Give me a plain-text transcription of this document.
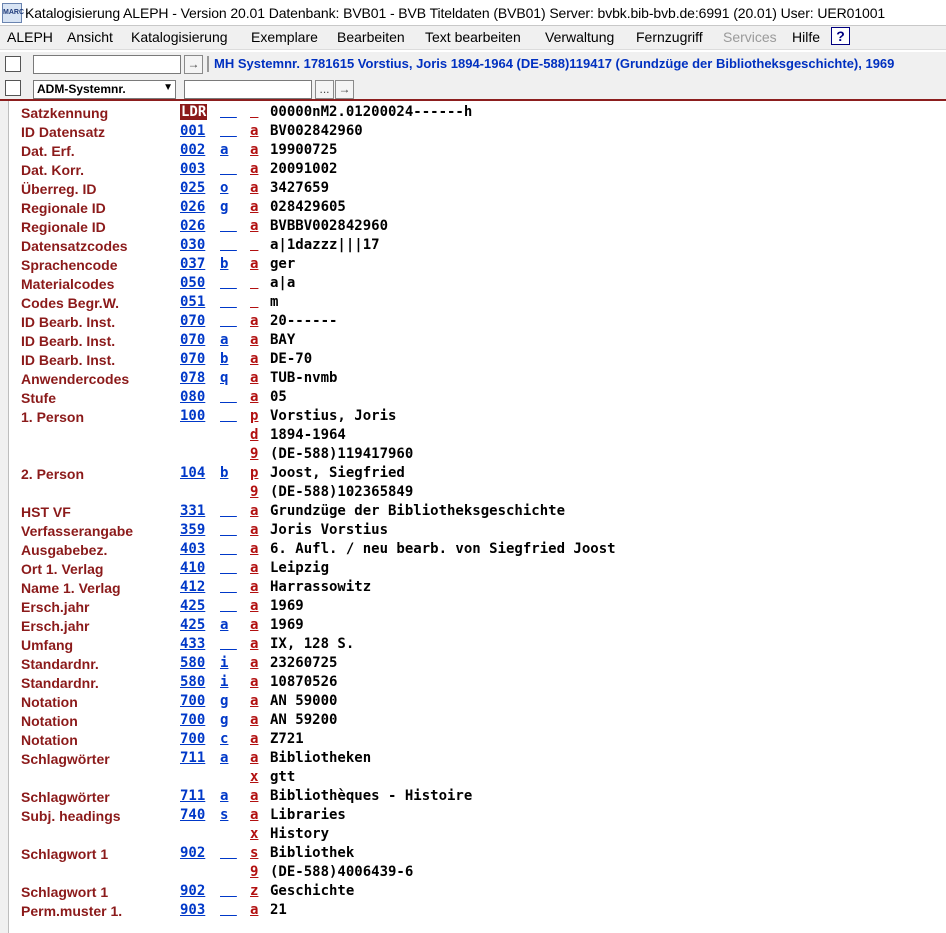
MARC Katalogisierung ALEPH - Version 20.01 Datenbank: BVB01 - BVB Titeldaten (BVB01) Server: bvbk.bib-bvb.de:6991 (20.01) User: UER01001
ALEPH Ansicht Katalogisierung Exemplare Bearbeiten Text bearbeiten Verwaltung Fernzugriff Services Hilfe	?
→ MH Systemnr. 1781615 Vorstius, Joris 1894-1964 (DE-588)119417 (Grundzüge der Bibliotheksgeschichte), 1969
... →
ADM-Systemnr.	▼
Satzkennung	LDR	00000nM2.01200024------h

ID Datensatz	001	a BV002842960

Dat. Erf.	002 a a 19900725
Dat. Korr.	003	a 20091002

Überreg. ID	025 o a 3427659
Regionale ID	026 g a 028429605
Regionale ID	026	a BVBBV002842960

Datensatzcodes	030	a|1dazzz|||17

Sprachencode	037 b a ger
Materialcodes	050	a|a

Codes Begr.W.	051	m

ID Bearb. Inst.	070	a 20------

ID Bearb. Inst.	070 a a BAY
ID Bearb. Inst.	070 b a DE-70
Anwendercodes	078 q a TUB-nvmb
Stufe	080	a 05

1. Person	100	p Vorstius, Joris

d 1894-1964
9 (DE-588)119417960
2. Person	104 b p Joost, Siegfried
9 (DE-588)102365849
HST VF	331	a Grundzüge der Bibliotheksgeschichte

Verfasserangabe	359	a Joris Vorstius

Ausgabebez.	403	a 6. Aufl. / neu bearb. von Siegfried Joost

Ort 1. Verlag	410	a Leipzig

Name 1. Verlag	412	a Harrassowitz

Ersch.jahr	425	a 1969

Ersch.jahr	425 a a 1969
Umfang	433	a IX, 128 S.

Standardnr.	580 i a 23260725
Standardnr.	580 i a 10870526
Notation	700 g a AN 59000
Notation	700 g a AN 59200
Notation	700 c a Z721
Schlagwörter	711 a a Bibliotheken
x gtt
Schlagwörter	711 a a Bibliothèques - Histoire
Subj. headings	740 s a Libraries
x History
Schlagwort 1	902	s Bibliothek

9 (DE-588)4006439-6
Schlagwort 1	902	z Geschichte

Perm.muster 1.	903	a 21
